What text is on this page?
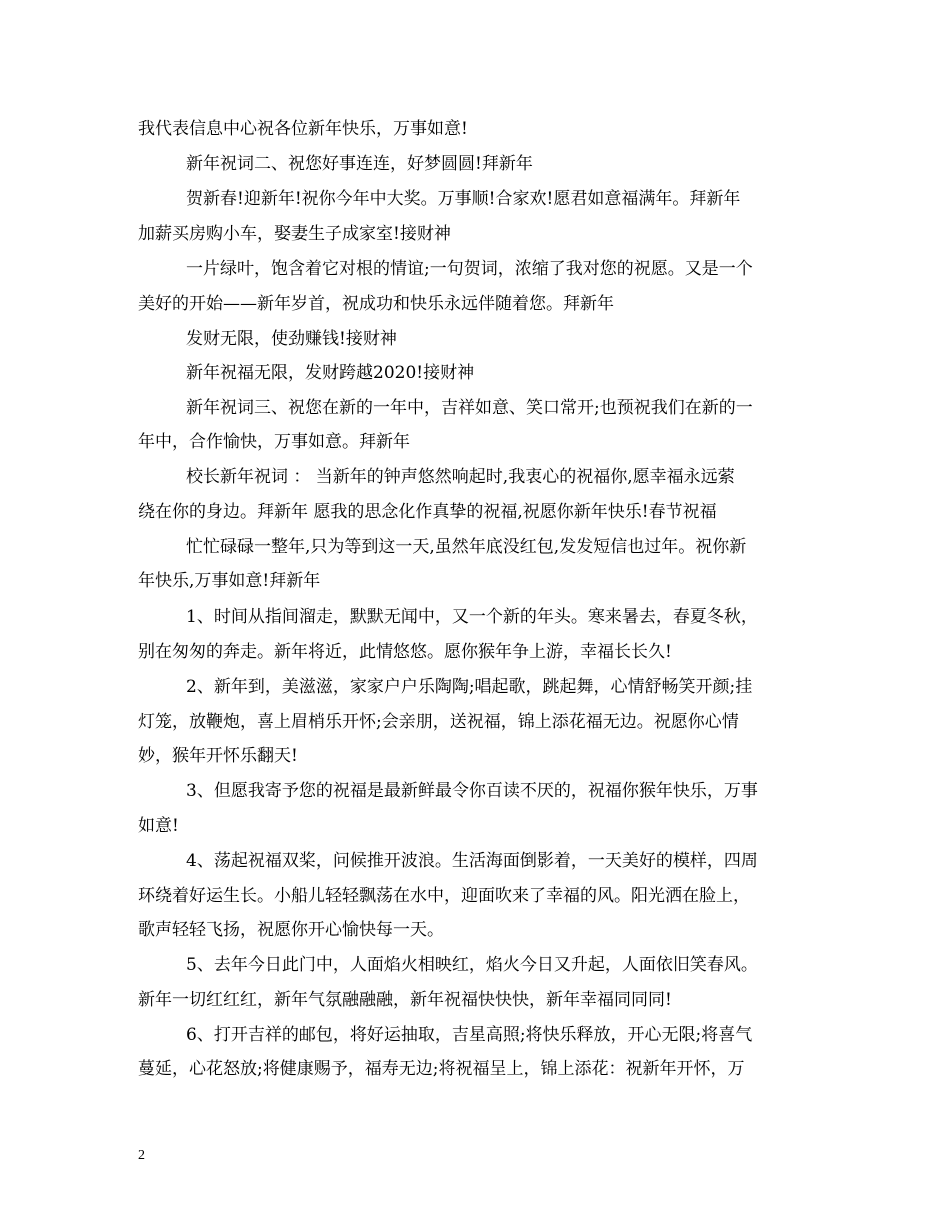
我代表信息中心祝各位新年快乐，万事如意!
新年祝词二、祝您好事连连，好梦圆圆!拜新年
贺新春!迎新年!祝你今年中大奖。万事顺!合家欢!愿君如意福满年。拜新年
加薪买房购小车，娶妻生子成家室!接财神
一片绿叶，饱含着它对根的情谊;一句贺词，浓缩了我对您的祝愿。又是一个
美好的开始——新年岁首，祝成功和快乐永远伴随着您。拜新年
发财无限，使劲赚钱!接财神
新年祝福无限，发财跨越2020!接财神
新年祝词三、祝您在新的一年中，吉祥如意、笑口常开;也预祝我们在新的一
年中，合作愉快，万事如意。拜新年
校长新年祝词 ： 当新年的钟声悠然响起时,我衷心的祝福你,愿幸福永远萦
绕在你的身边。拜新年 愿我的思念化作真挚的祝福,祝愿你新年快乐!春节祝福
忙忙碌碌一整年,只为等到这一天,虽然年底没红包,发发短信也过年。祝你新
年快乐,万事如意!拜新年
1、时间从指间溜走，默默无闻中，又一个新的年头。寒来暑去，春夏冬秋，
别在匆匆的奔走。新年将近，此情悠悠。愿你猴年争上游，幸福长长久!
2、新年到，美滋滋，家家户户乐陶陶;唱起歌，跳起舞，心情舒畅笑开颜;挂
灯笼，放鞭炮，喜上眉梢乐开怀;会亲朋，送祝福，锦上添花福无边。祝愿你心情
妙，猴年开怀乐翻天!
3、但愿我寄予您的祝福是最新鲜最令你百读不厌的，祝福你猴年快乐，万事
如意!
4、荡起祝福双桨，问候推开波浪。生活海面倒影着，一天美好的模样，四周
环绕着好运生长。小船儿轻轻飘荡在水中，迎面吹来了幸福的风。阳光洒在脸上，
歌声轻轻飞扬，祝愿你开心愉快每一天。
5、去年今日此门中，人面焰火相映红，焰火今日又升起，人面依旧笑春风。
新年一切红红红，新年气氛融融融，新年祝福快快快，新年幸福同同同!
6、打开吉祥的邮包，将好运抽取，吉星高照;将快乐释放，开心无限;将喜气
蔓延，心花怒放;将健康赐予，福寿无边;将祝福呈上，锦上添花：祝新年开怀，万
2
